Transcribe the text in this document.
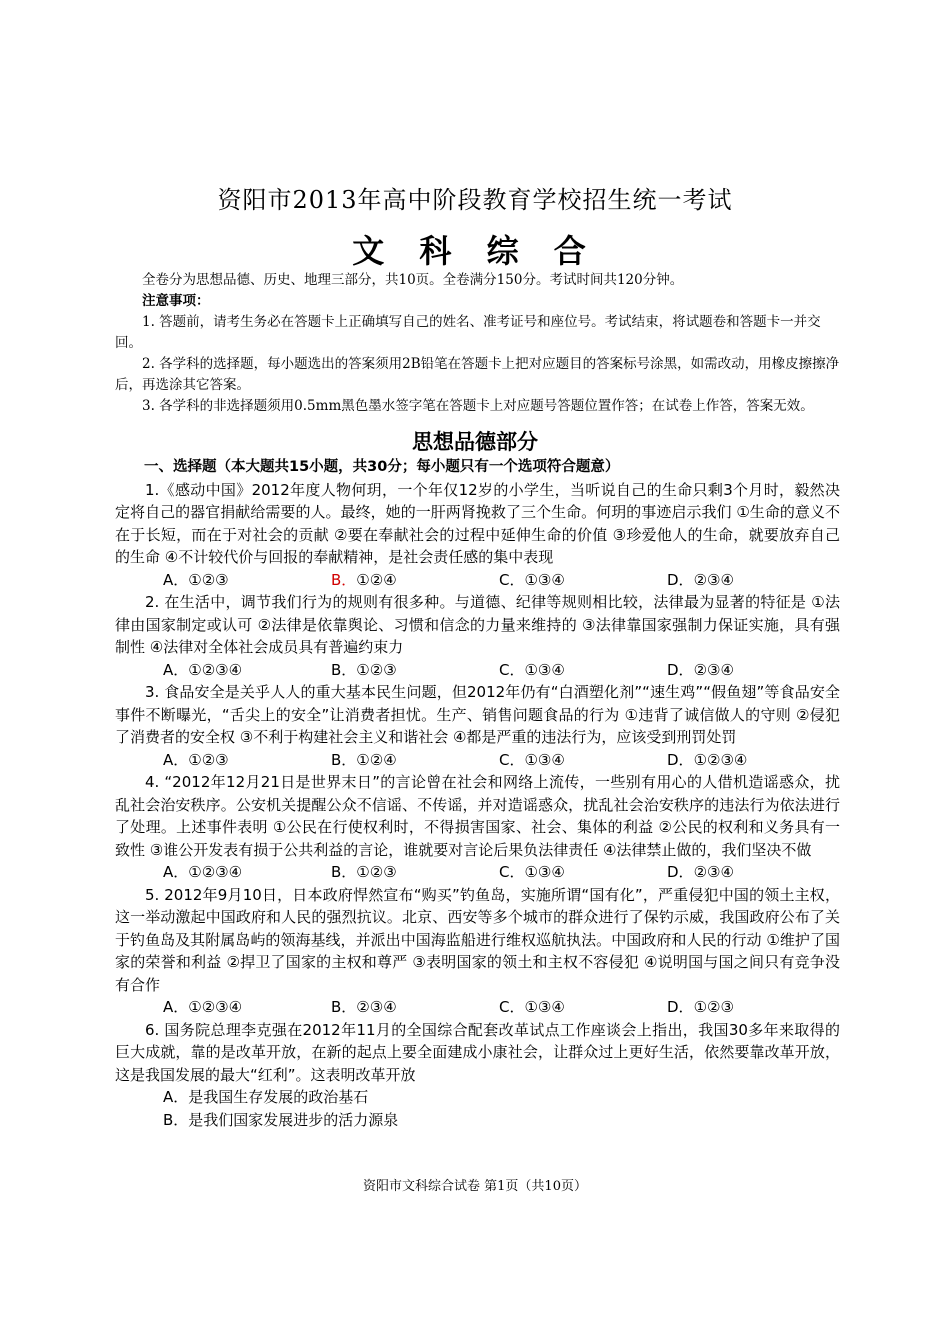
资阳市2013年高中阶段教育学校招生统一考试
文 科 综 合

全卷分为思想品德、历史、地理三部分，共10页。全卷满分150分。考试时间共120分钟。

注意事项：

1. 答题前，请考生务必在答题卡上正确填写自己的姓名、准考证号和座位号。考试结束，将试题卷和答题卡一并交回。

2. 各学科的选择题，每小题选出的答案须用2B铅笔在答题卡上把对应题目的答案标号涂黑，如需改动，用橡皮擦擦净后，再选涂其它答案。

3. 各学科的非选择题须用0.5mm黑色墨水签字笔在答题卡上对应题号答题位置作答；在试卷上作答，答案无效。

思想品德部分

一、选择题（本大题共15小题，共30分；每小题只有一个选项符合题意）

1.《感动中国》2012年度人物何玥，一个年仅12岁的小学生，当听说自己的生命只剩3个月时，毅然决定将自己的器官捐献给需要的人。最终，她的一肝两肾挽救了三个生命。何玥的事迹启示我们 ①生命的意义不在于长短，而在于对社会的贡献 ②要在奉献社会的过程中延伸生命的价值 ③珍爱他人的生命，就要放弃自己的生命 ④不计较代价与回报的奉献精神，是社会责任感的集中表现

A．①②③	B．①②④	C．①③④	D．②③④

2. 在生活中，调节我们行为的规则有很多种。与道德、纪律等规则相比较，法律最为显著的特征是 ①法律由国家制定或认可 ②法律是依靠舆论、习惯和信念的力量来维持的 ③法律靠国家强制力保证实施，具有强制性 ④法律对全体社会成员具有普遍约束力

A．①②③④	B．①②③	C．①③④	D．②③④

3. 食品安全是关乎人人的重大基本民生问题，但2012年仍有“白酒塑化剂”“速生鸡”“假鱼翅”等食品安全事件不断曝光，“舌尖上的安全”让消费者担忧。生产、销售问题食品的行为 ①违背了诚信做人的守则 ②侵犯了消费者的安全权 ③不利于构建社会主义和谐社会 ④都是严重的违法行为，应该受到刑罚处罚

A．①②③	B．①②④	C．①③④	D．①②③④

4. “2012年12月21日是世界末日”的言论曾在社会和网络上流传，一些别有用心的人借机造谣惑众，扰乱社会治安秩序。公安机关提醒公众不信谣、不传谣，并对造谣惑众，扰乱社会治安秩序的违法行为依法进行了处理。上述事件表明 ①公民在行使权利时，不得损害国家、社会、集体的利益 ②公民的权利和义务具有一致性 ③谁公开发表有损于公共利益的言论，谁就要对言论后果负法律责任 ④法律禁止做的，我们坚决不做

A．①②③④	B．①②③	C．①③④	D．②③④

5. 2012年9月10日，日本政府悍然宣布“购买”钓鱼岛，实施所谓“国有化”，严重侵犯中国的领土主权，这一举动激起中国政府和人民的强烈抗议。北京、西安等多个城市的群众进行了保钓示威，我国政府公布了关于钓鱼岛及其附属岛屿的领海基线，并派出中国海监船进行维权巡航执法。中国政府和人民的行动 ①维护了国家的荣誉和利益 ②捍卫了国家的主权和尊严 ③表明国家的领土和主权不容侵犯 ④说明国与国之间只有竞争没有合作

A．①②③④	B．②③④	C．①③④	D．①②③

6. 国务院总理李克强在2012年11月的全国综合配套改革试点工作座谈会上指出，我国30多年来取得的巨大成就，靠的是改革开放，在新的起点上要全面建成小康社会，让群众过上更好生活，依然要靠改革开放，这是我国发展的最大“红利”。这表明改革开放

A．是我国生存发展的政治基石

B．是我们国家发展进步的活力源泉

资阳市文科综合试卷 第1页（共10页）
